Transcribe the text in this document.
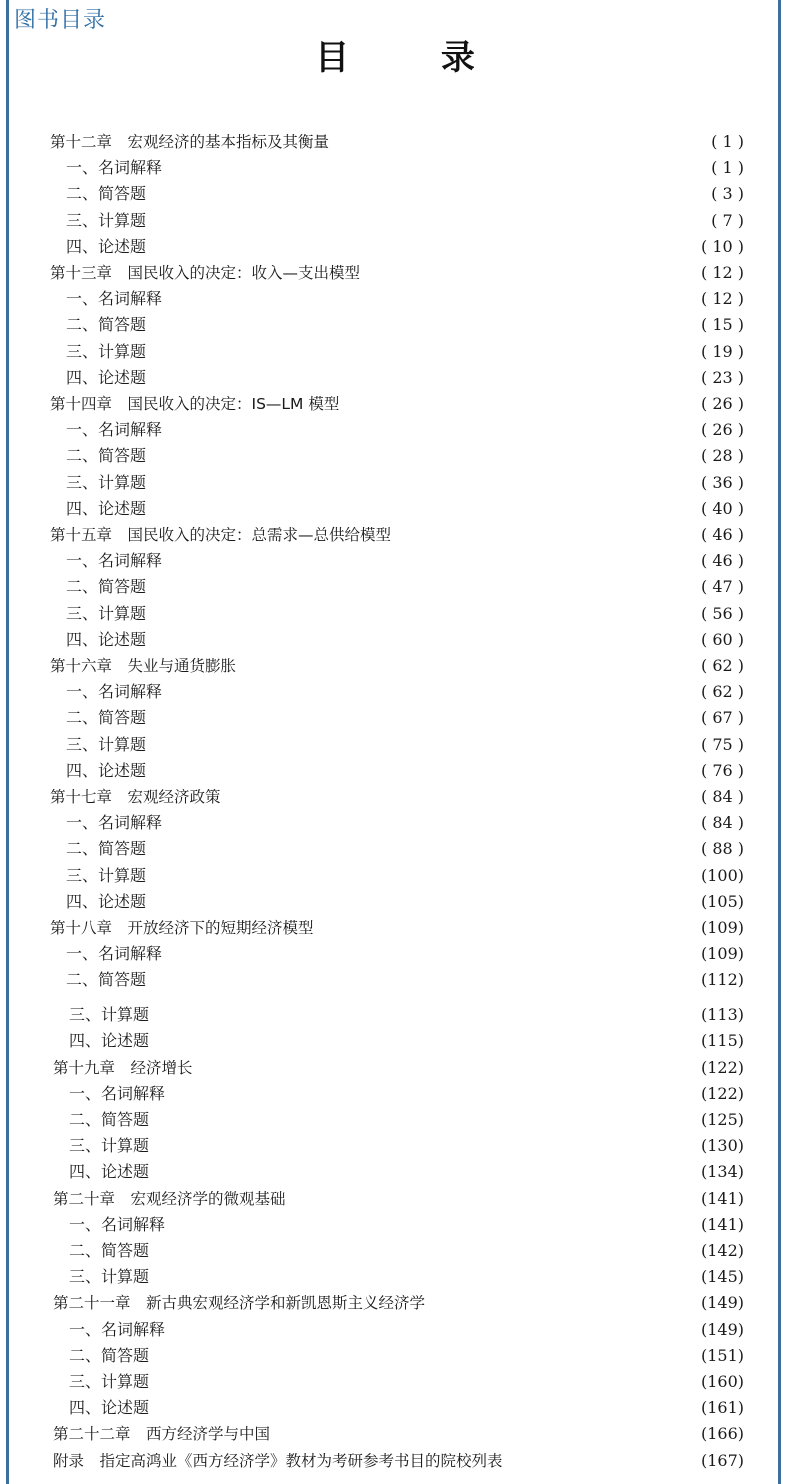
图书目录
目 录
第十二章　宏观经济的基本指标及其衡量	( 1 )
一、名词解释	( 1 )
二、简答题	( 3 )
三、计算题	( 7 )
四、论述题	( 10 )
第十三章　国民收入的决定：收入—支出模型	( 12 )
一、名词解释	( 12 )
二、简答题	( 15 )
三、计算题	( 19 )
四、论述题	( 23 )
第十四章　国民收入的决定：IS—LM 模型	( 26 )
一、名词解释	( 26 )
二、简答题	( 28 )
三、计算题	( 36 )
四、论述题	( 40 )
第十五章　国民收入的决定：总需求—总供给模型	( 46 )
一、名词解释	( 46 )
二、简答题	( 47 )
三、计算题	( 56 )
四、论述题	( 60 )
第十六章　失业与通货膨胀	( 62 )
一、名词解释	( 62 )
二、简答题	( 67 )
三、计算题	( 75 )
四、论述题	( 76 )
第十七章　宏观经济政策	( 84 )
一、名词解释	( 84 )
二、简答题	( 88 )
三、计算题	(100)
四、论述题	(105)
第十八章　开放经济下的短期经济模型	(109)
一、名词解释	(109)
二、简答题	(112)
三、计算题	(113)
四、论述题	(115)
第十九章　经济增长	(122)
一、名词解释	(122)
二、简答题	(125)
三、计算题	(130)
四、论述题	(134)
第二十章　宏观经济学的微观基础	(141)
一、名词解释	(141)
二、简答题	(142)
三、计算题	(145)
第二十一章　新古典宏观经济学和新凯恩斯主义经济学	(149)
一、名词解释	(149)
二、简答题	(151)
三、计算题	(160)
四、论述题	(161)
第二十二章　西方经济学与中国	(166)
附录　指定高鸿业《西方经济学》教材为考研参考书目的院校列表	(167)
